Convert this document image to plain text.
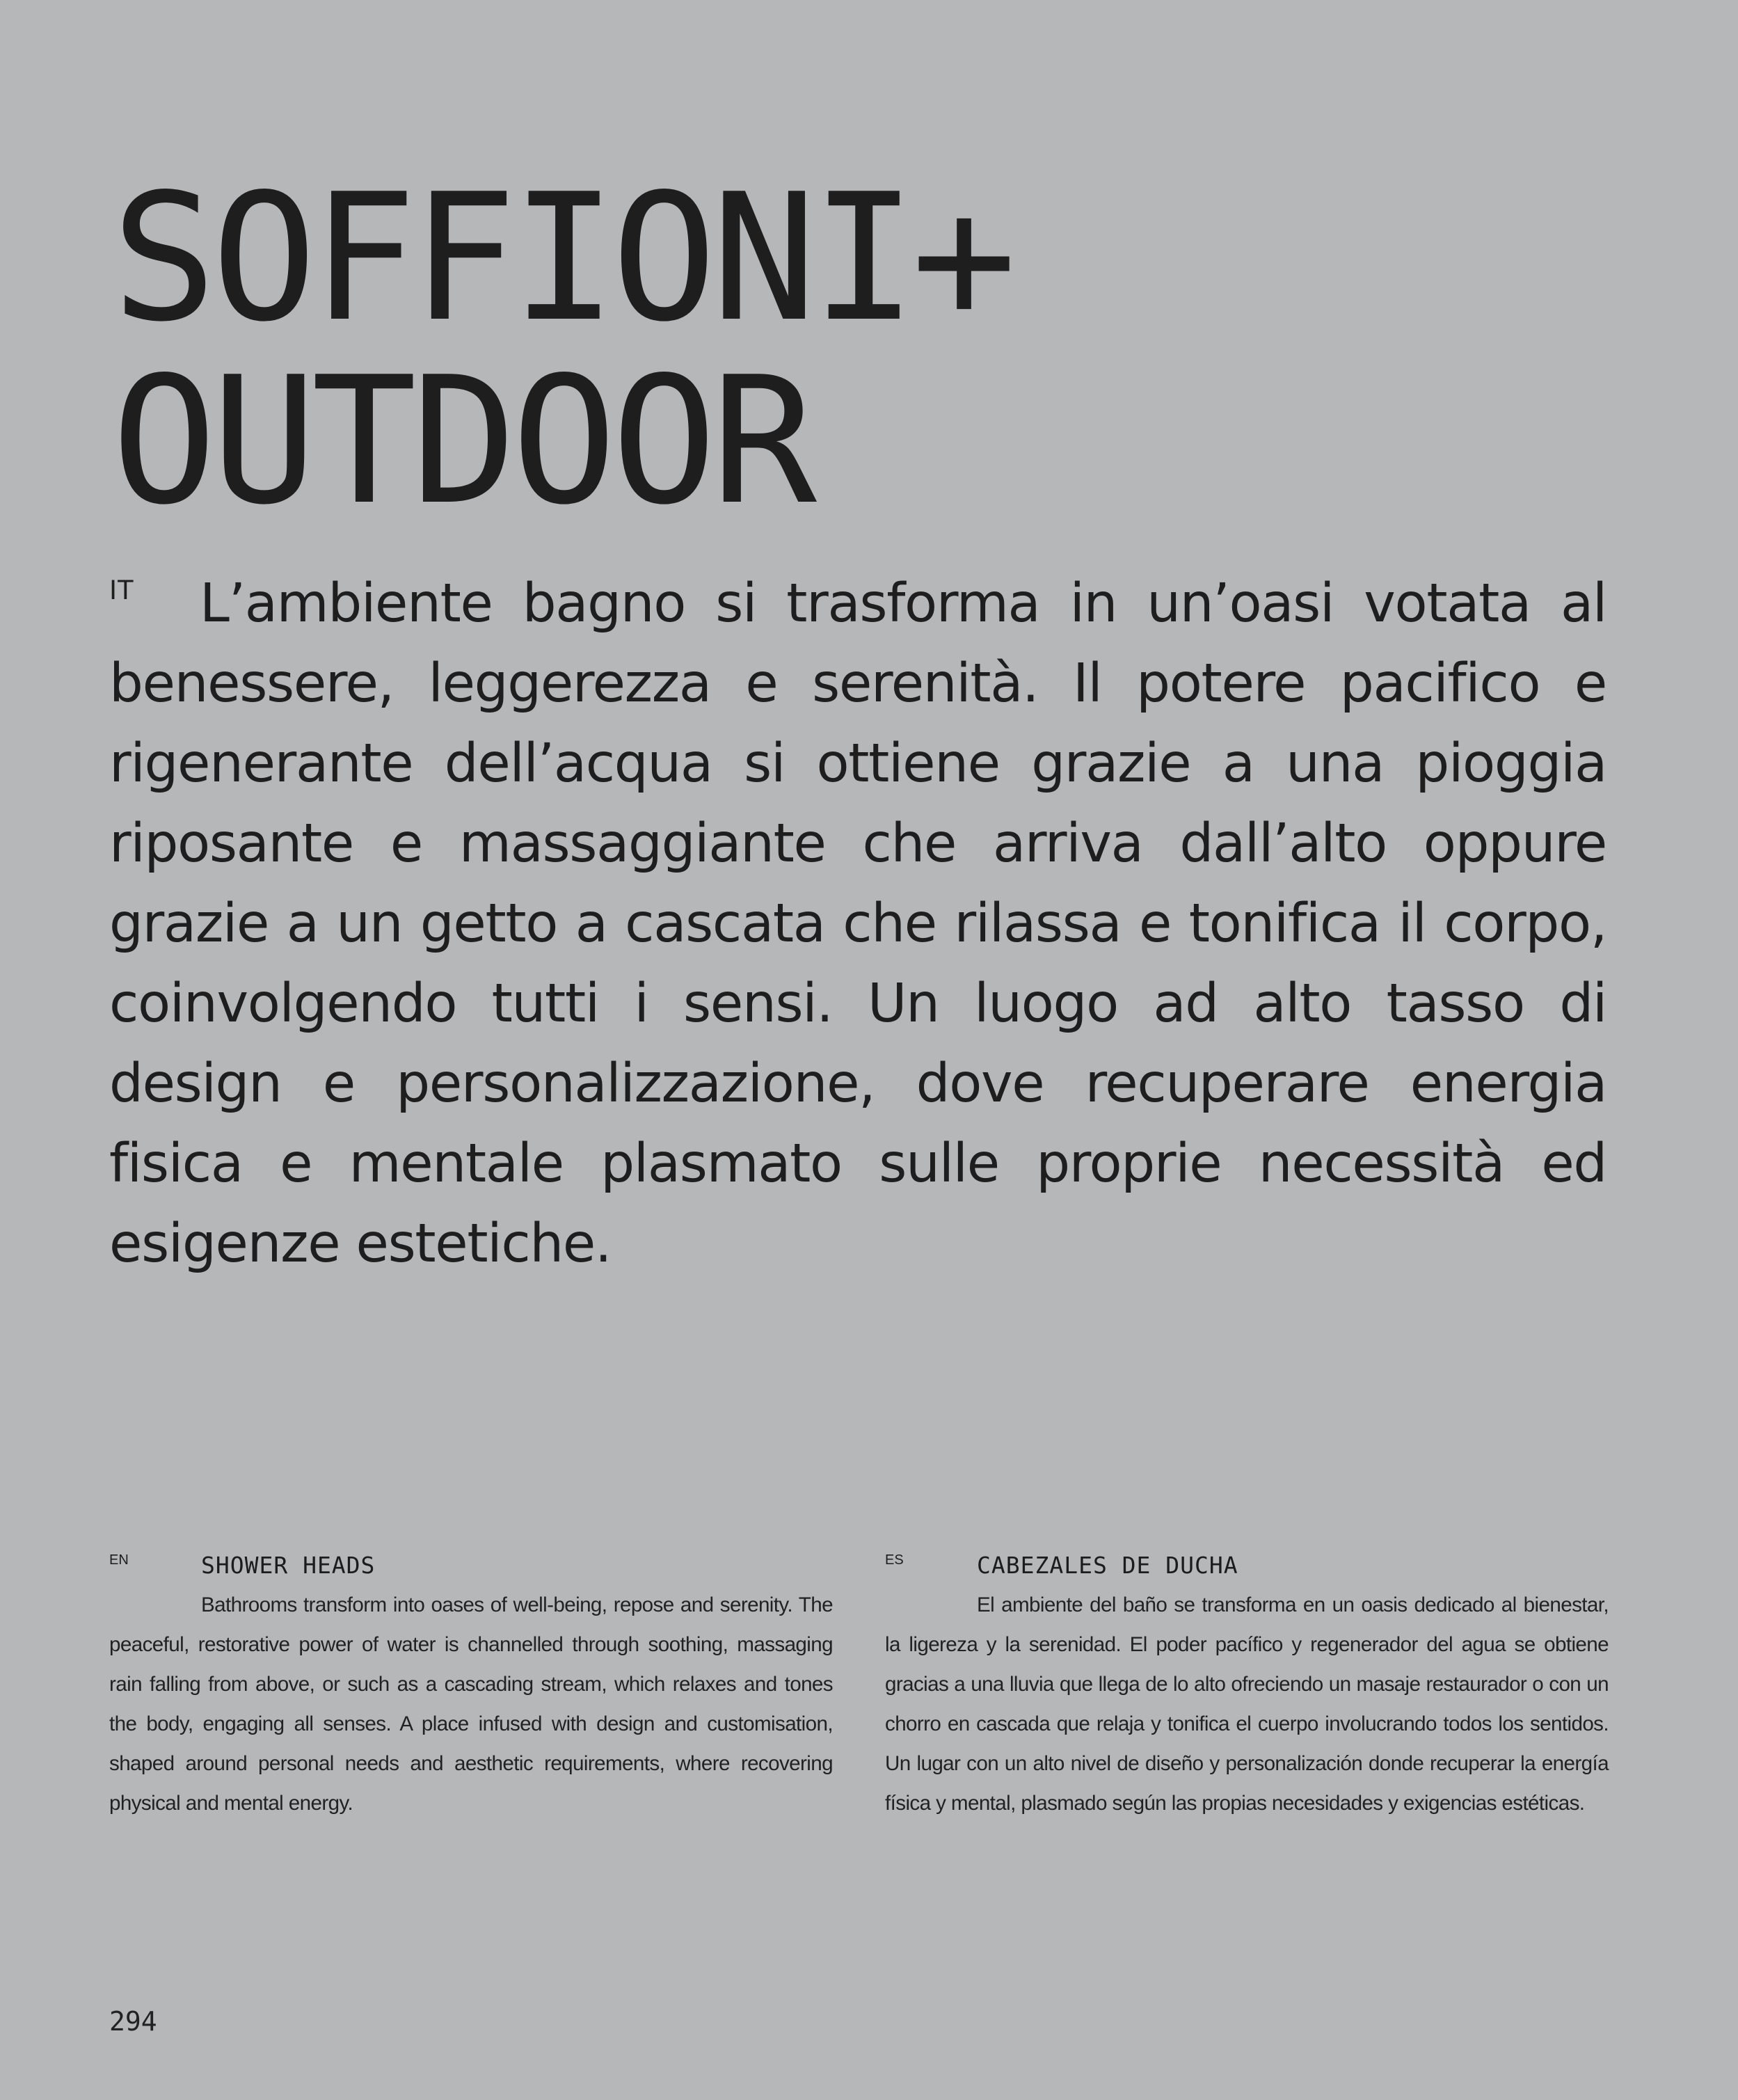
SOFFIONI+
OUTDOOR
IT	L’ambiente bagno si trasforma in un’oasi votata al benessere, leggerezza e serenità. Il potere pacifico e rigenerante dell’acqua si ottiene grazie a una pioggia riposante e massaggiante che arriva dall’alto oppure grazie a un getto a cascata che rilassa e tonifica il corpo, coinvolgendo tutti i sensi. Un luogo ad alto tasso di design e personalizzazione, dove recuperare energia fisica e mentale plasmato sulle proprie necessità ed esigenze estetiche.

EN	SHOWER HEADS

Bathrooms transform into oases of well-being, repose and serenity. The peaceful, restorative power of water is channelled through soothing, massaging rain falling from above, or such as a cascading stream, which relaxes and tones the body, engaging all senses. A place infused with design and customisation, shaped around personal needs and aesthetic requirements, where recovering physical and mental energy.

ES	CABEZALES DE DUCHA

El ambiente del baño se transforma en un oasis dedicado al bienestar, la ligereza y la serenidad. El poder pacífico y regenerador del agua se obtiene gracias a una lluvia que llega de lo alto ofreciendo un masaje restaurador o con un chorro en cascada que relaja y tonifica el cuerpo involucrando todos los sentidos. Un lugar con un alto nivel de diseño y personalización donde recuperar la energía física y mental, plasmado según las propias necesidades y exigencias estéticas.

294
